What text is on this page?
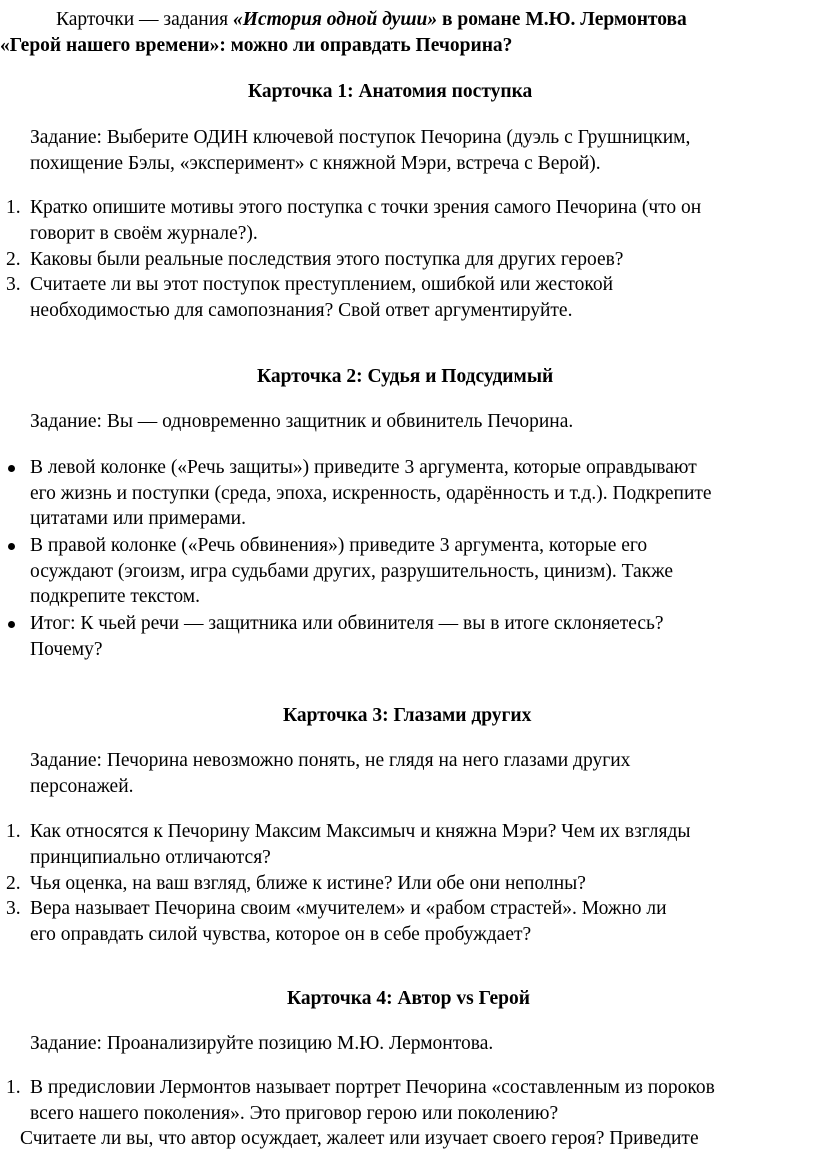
Карточки — задания «История одной души» в романе М.Ю. Лермонтова
«Герой нашего времени»: можно ли оправдать Печорина?
Карточка 1: Анатомия поступка
Задание: Выберите ОДИН ключевой поступок Печорина (дуэль с Грушницким,
похищение Бэлы, «эксперимент» с княжной Мэри, встреча с Верой).
1. Кратко опишите мотивы этого поступка с точки зрения самого Печорина (что он
говорит в своём журнале?).
2. Каковы были реальные последствия этого поступка для других героев?
3. Считаете ли вы этот поступок преступлением, ошибкой или жестокой
необходимостью для самопознания? Свой ответ аргументируйте.
Карточка 2: Судья и Подсудимый
Задание: Вы — одновременно защитник и обвинитель Печорина.
В левой колонке («Речь защиты») приведите 3 аргумента, которые оправдывают
его жизнь и поступки (среда, эпоха, искренность, одарённость и т.д.). Подкрепите
цитатами или примерами.
В правой колонке («Речь обвинения») приведите 3 аргумента, которые его
осуждают (эгоизм, игра судьбами других, разрушительность, цинизм). Также
подкрепите текстом.
Итог: К чьей речи — защитника или обвинителя — вы в итоге склоняетесь?
Почему?
Карточка 3: Глазами других
Задание: Печорина невозможно понять, не глядя на него глазами других
персонажей.
1. Как относятся к Печорину Максим Максимыч и княжна Мэри? Чем их взгляды
принципиально отличаются?
2. Чья оценка, на ваш взгляд, ближе к истине? Или обе они неполны?
3. Вера называет Печорина своим «мучителем» и «рабом страстей». Можно ли
его оправдать силой чувства, которое он в себе пробуждает?
Карточка 4: Автор vs Герой
Задание: Проанализируйте позицию М.Ю. Лермонтова.
1. В предисловии Лермонтов называет портрет Печорина «составленным из пороков
всего нашего поколения». Это приговор герою или поколению?
Считаете ли вы, что автор осуждает, жалеет или изучает своего героя? Приведите
